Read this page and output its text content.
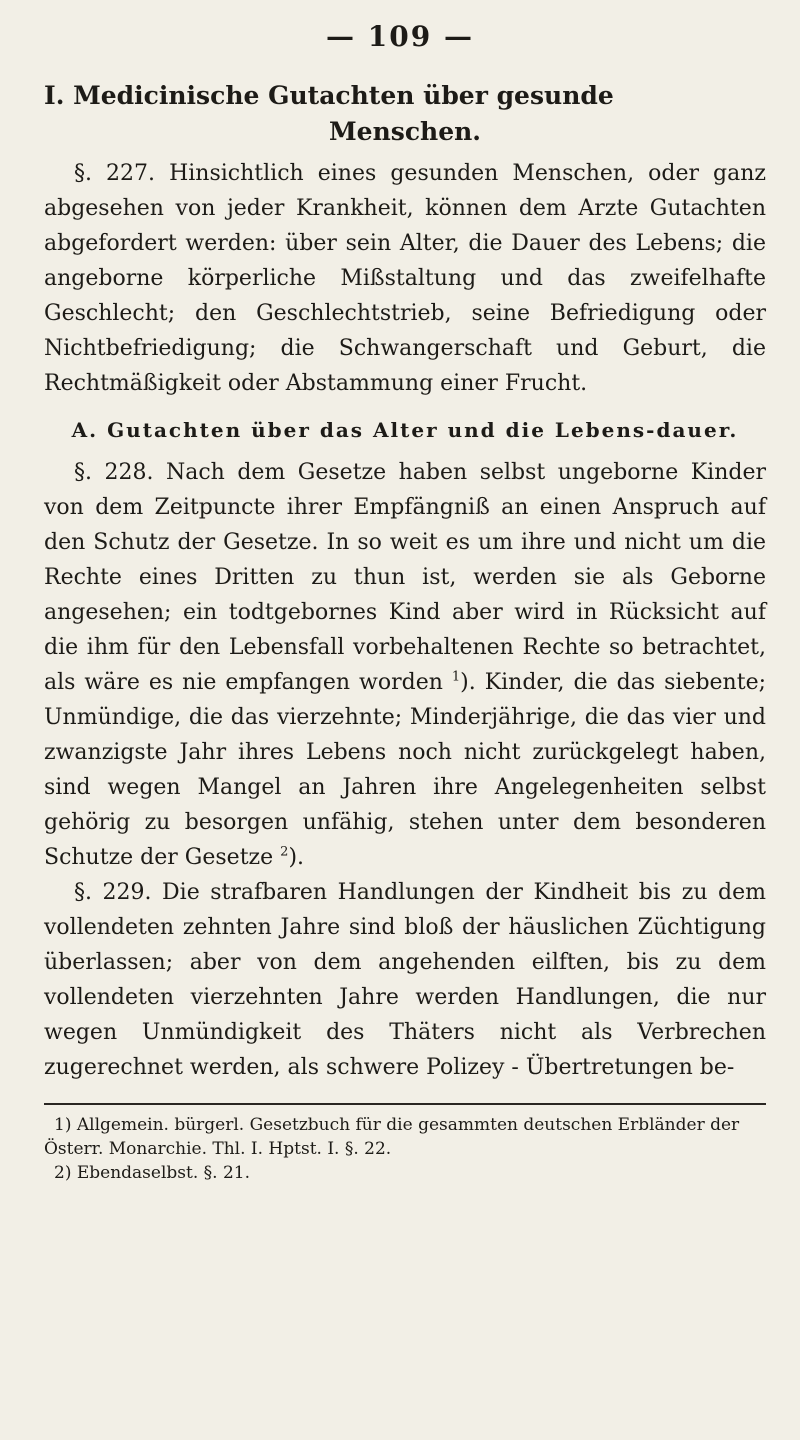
— 109 —
I. Medicinische Gutachten über gesunde
Menschen.

§. 227. Hinsichtlich eines gesunden Menschen, oder ganz abgesehen von jeder Krankheit, können dem Arzte Gutachten abgefordert werden: über sein Alter, die Dauer des Lebens; die angeborne körperliche Mißstaltung und das zweifelhafte Geschlecht; den Geschlechtstrieb, seine Befriedigung oder Nichtbefriedigung; die Schwangerschaft und Geburt, die Rechtmäßigkeit oder Abstammung einer Frucht.

A. Gutachten über das Alter und die Lebens-dauer.

§. 228. Nach dem Gesetze haben selbst ungeborne Kinder von dem Zeitpuncte ihrer Empfängniß an einen Anspruch auf den Schutz der Gesetze. In so weit es um ihre und nicht um die Rechte eines Dritten zu thun ist, werden sie als Geborne angesehen; ein todtgebornes Kind aber wird in Rücksicht auf die ihm für den Lebensfall vorbehaltenen Rechte so betrachtet, als wäre es nie empfangen worden $^1$). Kinder, die das siebente; Unmündige, die das vierzehnte; Minderjährige, die das vier und zwanzigste Jahr ihres Lebens noch nicht zurückgelegt haben, sind wegen Mangel an Jahren ihre Angelegenheiten selbst gehörig zu besorgen unfähig, stehen unter dem besonderen Schutze der Gesetze $^2$).

§. 229. Die strafbaren Handlungen der Kindheit bis zu dem vollendeten zehnten Jahre sind bloß der häuslichen Züchtigung überlassen; aber von dem angehenden eilften, bis zu dem vollendeten vierzehnten Jahre werden Handlungen, die nur wegen Unmündigkeit des Thäters nicht als Verbrechen zugerechnet werden, als schwere Polizey - Übertretungen be-

1) Allgemein. bürgerl. Gesetzbuch für die gesammten deutschen Erbländer der Österr. Monarchie. Thl. I. Hptst. I. §. 22.

2) Ebendaselbst. §. 21.
